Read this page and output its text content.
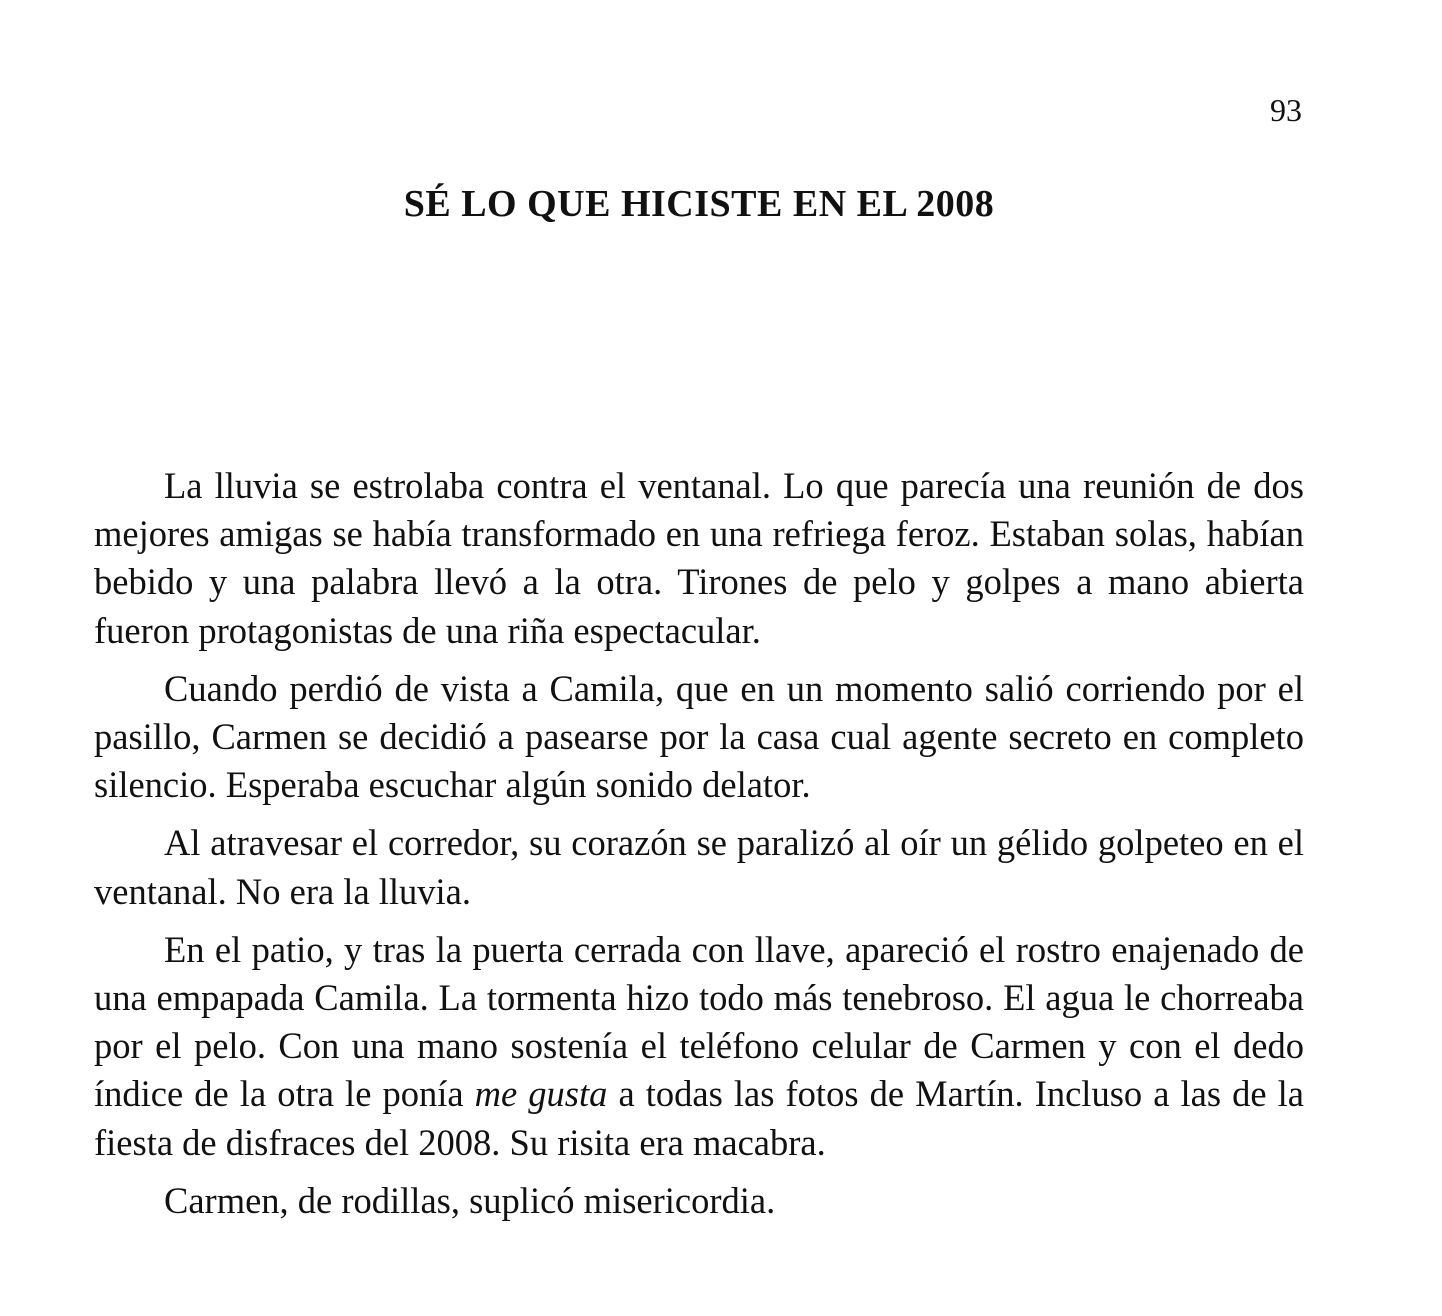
93
SÉ LO QUE HICISTE EN EL 2008

La lluvia se estrolaba contra el ventanal. Lo que parecía una reunión de dos mejores amigas se había transformado en una refriega feroz. Estaban solas, habían bebido y una palabra llevó a la otra. Tirones de pelo y golpes a mano abierta fueron protagonistas de una riña espectacular.

Cuando perdió de vista a Camila, que en un momento salió corriendo por el pasillo, Carmen se decidió a pasearse por la casa cual agente secreto en completo silencio. Esperaba escuchar algún sonido delator.

Al atravesar el corredor, su corazón se paralizó al oír un gélido golpeteo en el ventanal. No era la lluvia.

En el patio, y tras la puerta cerrada con llave, apareció el rostro enajenado de una empapada Camila. La tormenta hizo todo más tenebroso. El agua le chorreaba por el pelo. Con una mano sostenía el teléfono celular de Carmen y con el dedo índice de la otra le ponía me gusta a todas las fotos de Martín. Incluso a las de la fiesta de disfraces del 2008. Su risita era macabra.

Carmen, de rodillas, suplicó misericordia.
